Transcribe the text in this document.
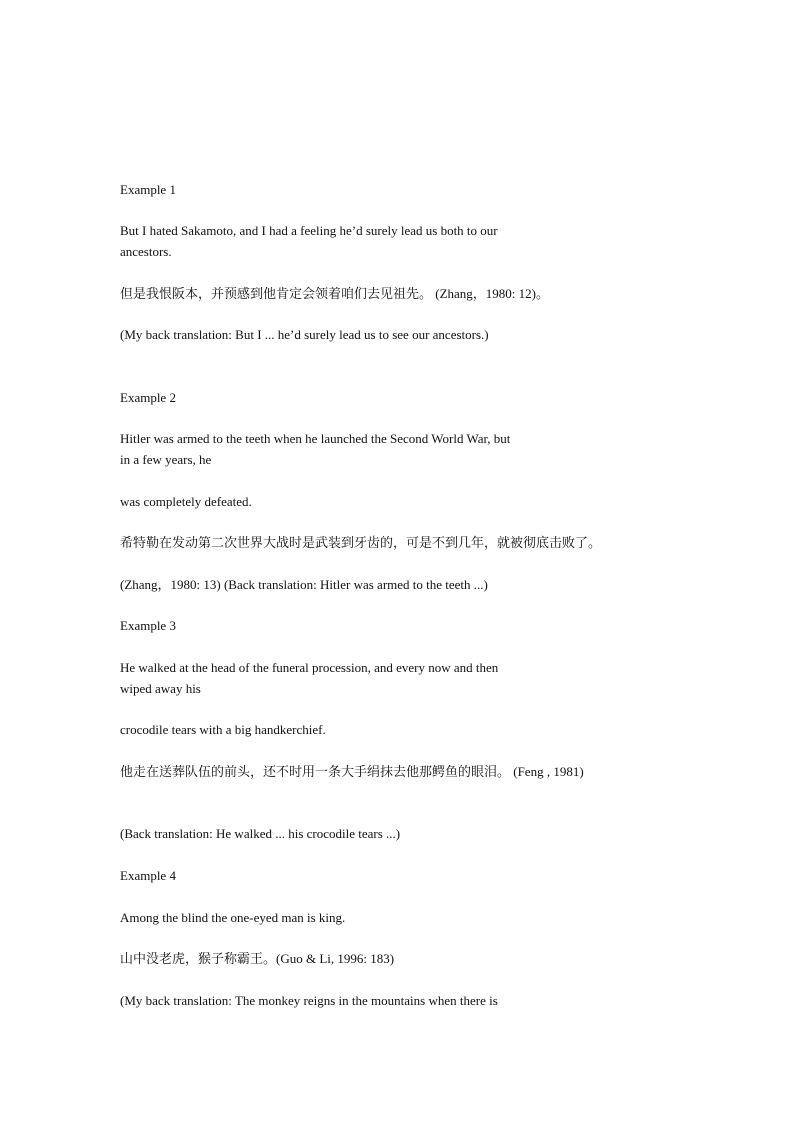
Example 1
But I hated Sakamoto, and I had a feeling he’d surely lead us both to our
ancestors.
但是我恨阪本，并预感到他肯定会领着咱们去见祖先。 (Zhang，1980: 12)。
(My back translation: But I ... he’d surely lead us to see our ancestors.)
Example 2
Hitler was armed to the teeth when he launched the Second World War, but
in a few years, he
was completely defeated.
希特勒在发动第二次世界大战时是武装到牙齿的，可是不到几年，就被彻底击败了。
(Zhang，1980: 13) (Back translation: Hitler was armed to the teeth ...)
Example 3
He walked at the head of the funeral procession, and every now and then
wiped away his
crocodile tears with a big handkerchief.
他走在送葬队伍的前头，还不时用一条大手绢抹去他那鳄鱼的眼泪。 (Feng , 1981)
(Back translation: He walked ... his crocodile tears ...)
Example 4
Among the blind the one-eyed man is king.
山中没老虎，猴子称霸王。(Guo & Li, 1996: 183)
(My back translation: The monkey reigns in the mountains when there is
